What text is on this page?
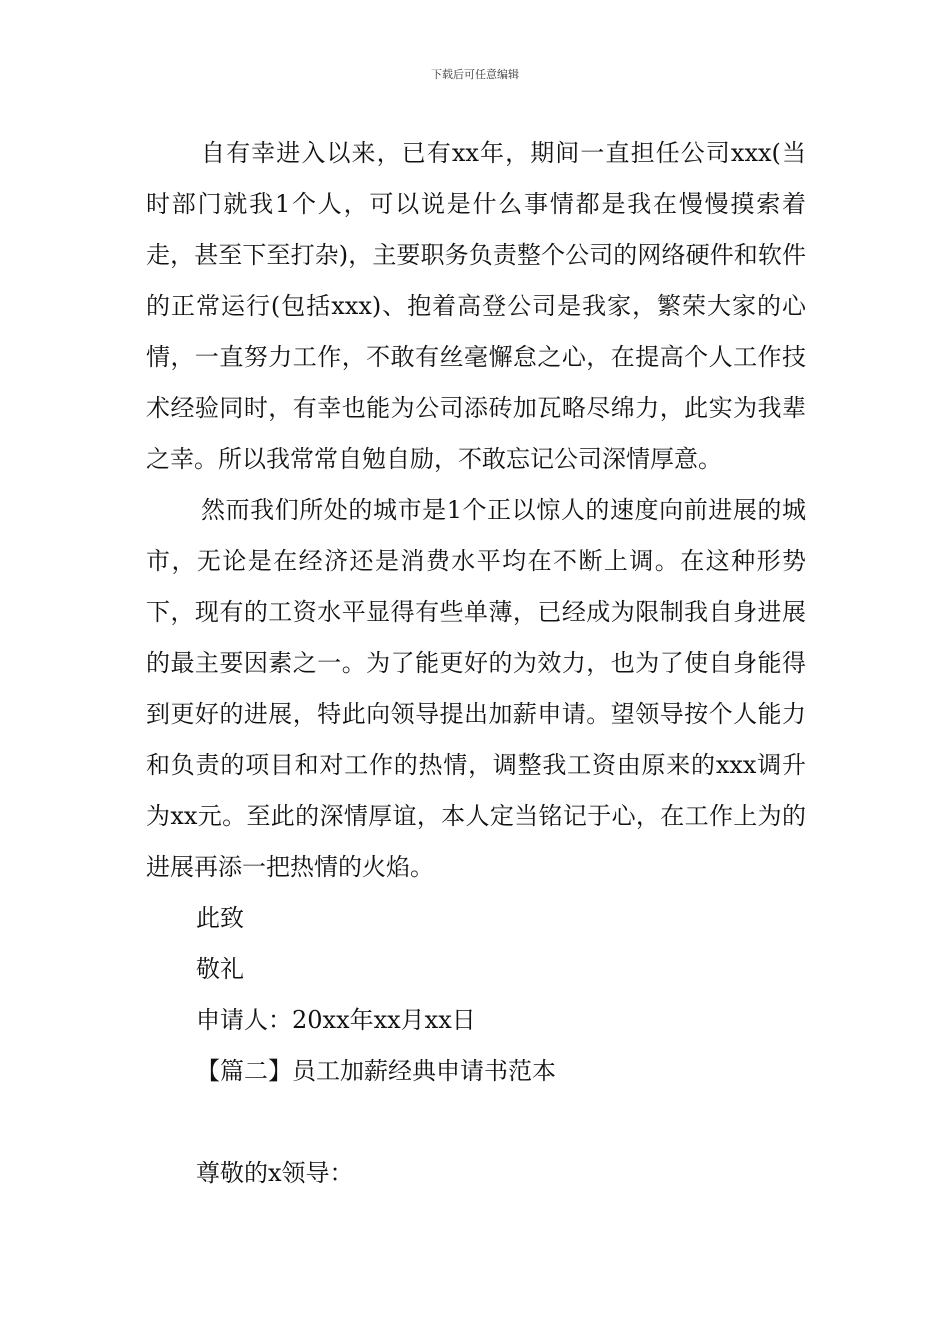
下载后可任意编辑

自有幸进入以来，已有xx年，期间一直担任公司xxx(当时部门就我1个人，可以说是什么事情都是我在慢慢摸索着走，甚至下至打杂)，主要职务负责整个公司的网络硬件和软件的正常运行(包括xxx)、抱着高登公司是我家，繁荣大家的心情，一直努力工作，不敢有丝毫懈怠之心，在提高个人工作技术经验同时，有幸也能为公司添砖加瓦略尽绵力，此实为我辈之幸。所以我常常自勉自励，不敢忘记公司深情厚意。

然而我们所处的城市是1个正以惊人的速度向前进展的城市，无论是在经济还是消费水平均在不断上调。在这种形势下，现有的工资水平显得有些单薄，已经成为限制我自身进展的最主要因素之一。为了能更好的为效力，也为了使自身能得到更好的进展，特此向领导提出加薪申请。望领导按个人能力和负责的项目和对工作的热情，调整我工资由原来的xxx调升为xx元。至此的深情厚谊，本人定当铭记于心，在工作上为的进展再添一把热情的火焰。

此致

敬礼

申请人：20xx年xx月xx日

【篇二】员工加薪经典申请书范本

尊敬的x领导：
